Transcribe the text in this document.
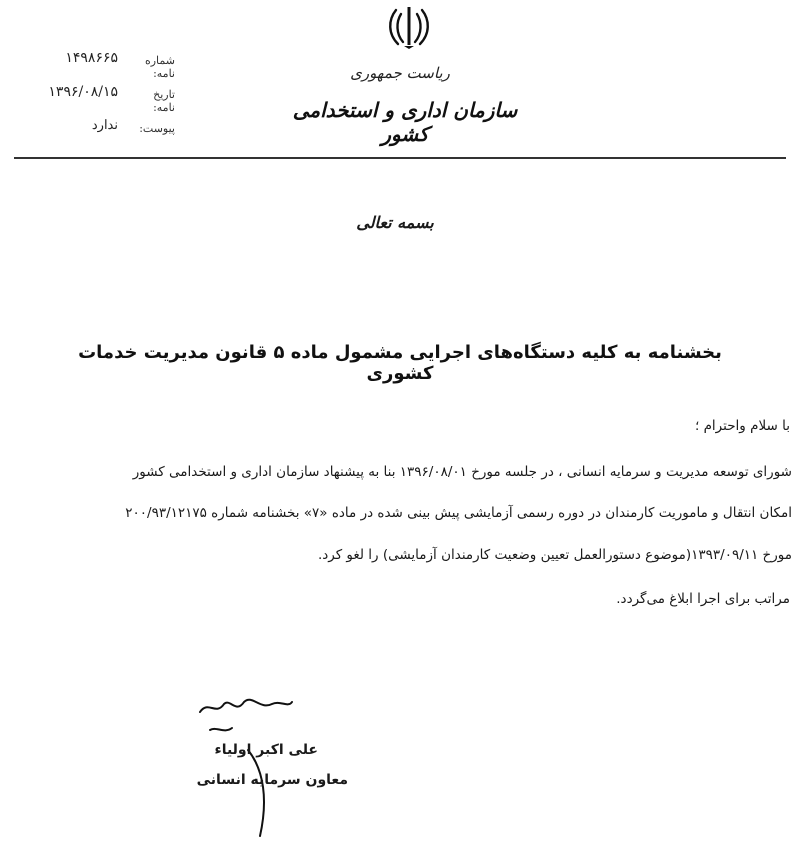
شماره نامه:
۱۴۹۸۶۶۵
تاریخ نامه:
۱۳۹۶/۰۸/۱۵
پیوست:
ندارد
ریاست جمهوری
سازمان اداری و استخدامی کشور
بسمه تعالی
بخشنامه به کلیه دستگاه‌های اجرایی مشمول ماده ۵ قانون مدیریت خدمات کشوری
با سلام واحترام ؛
شورای توسعه مدیریت و سرمایه انسانی ، در جلسه مورخ ۱۳۹۶/۰۸/۰۱ بنا به پیشنهاد سازمان اداری و استخدامی کشور
امکان انتقال و ماموریت کارمندان در دوره رسمی آزمایشی پیش بینی شده در ماده «۷» بخشنامه شماره ۲۰۰/۹۳/۱۲۱۷۵
مورخ ۱۳۹۳/۰۹/۱۱(موضوع دستورالعمل تعیین وضعیت کارمندان آزمایشی) را لغو کرد.
مراتب برای اجرا ابلاغ می‌گردد.
علی اکبر اولیاء
معاون سرمایه انسانی
